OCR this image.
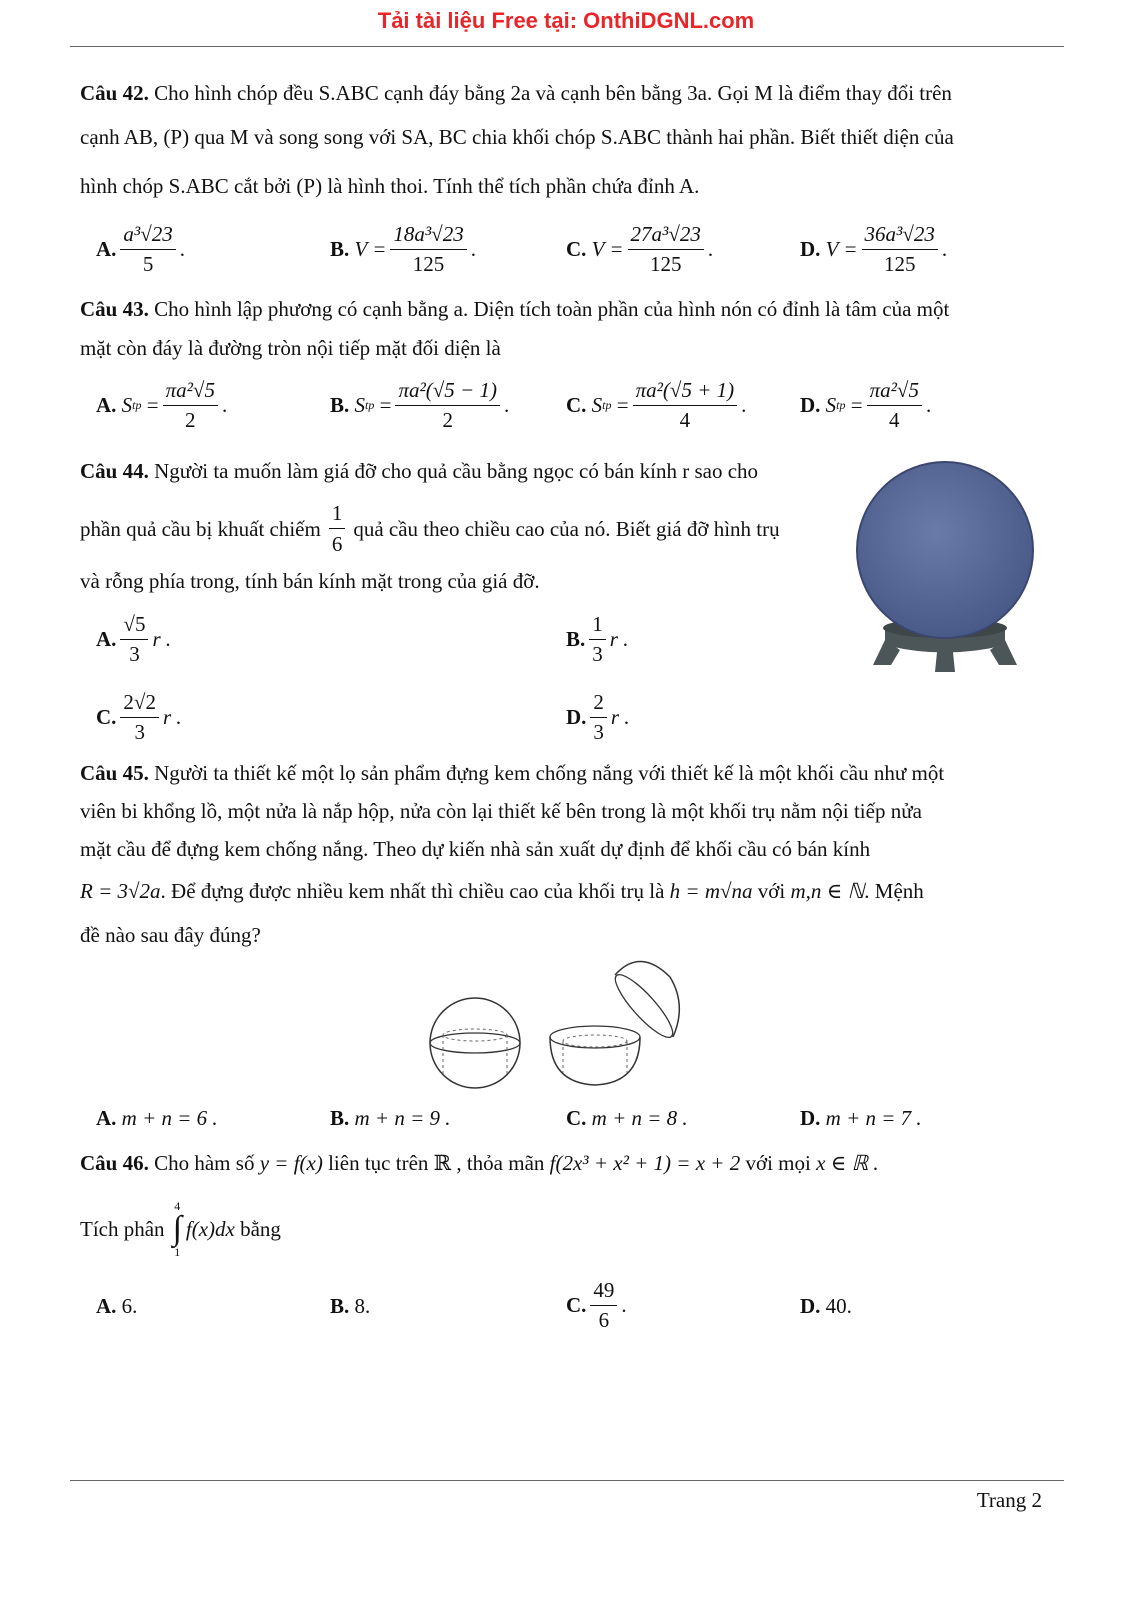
Tải tài liệu Free tại: OnthiDGNL.com
Câu 42. Cho hình chóp đều S.ABC cạnh đáy bằng 2a và cạnh bên bằng 3a. Gọi M là điểm thay đổi trên
cạnh AB, (P) qua M và song song với SA, BC chia khối chóp S.ABC thành hai phần. Biết thiết diện của
hình chóp S.ABC cắt bởi (P) là hình thoi. Tính thể tích phần chứa đỉnh A.
A. $\frac{\text{a³√23}}{5}$ .	B.
$V = \frac{\text{18a³√23}}{125}$ .	C.
$V = \frac{\text{27a³√23}}{125}$ .	D.
$V = \frac{\text{36a³√23}}{125}$ .
Câu 43. Cho hình lập phương có cạnh bằng a. Diện tích toàn phần của hình nón có đỉnh là tâm của một
mặt còn đáy là đường tròn nội tiếp mặt đối diện là
A.
S tp = $\frac{\text{πa²√5}}{2}$ .	B.
S tp = $\frac{\text{πa²(√5 − 1)}}{2}$ .	C.
S tp = $\frac{\text{πa²(√5 + 1)}}{4}$ .	D.
S tp = $\frac{\text{πa²√5}}{4}$ .
Câu 44. Người ta muốn làm giá đỡ cho quả cầu bằng ngọc có bán kính r sao cho
phần quả cầu bị khuất chiếm $\frac{1}{6}$ quả cầu theo chiều cao của nó. Biết giá đỡ hình trụ
và rỗng phía trong, tính bán kính mặt trong của giá đỡ.
A. $\frac{√5}{3}$ r .	B. $\frac{1}{3}$ r .
C. $\frac{2√2}{3}$ r .	D. $\frac{2}{3}$ r .
Câu 45. Người ta thiết kế một lọ sản phẩm đựng kem chống nắng với thiết kế là một khối cầu như một
viên bi khổng lồ, một nửa là nắp hộp, nửa còn lại thiết kế bên trong là một khối trụ nằm nội tiếp nửa
mặt cầu để đựng kem chống nắng. Theo dự kiến nhà sản xuất dự định để khối cầu có bán kính
R = 3√2a. Để đựng được nhiều kem nhất thì chiều cao của khối trụ là h = m√na với m,n ∈ ℕ. Mệnh
đề nào sau đây đúng?
A.
m + n = 6 .	B.
m + n = 9 .	C.
m + n = 8 .	D.
m + n = 7 .
Câu 46. Cho hàm số y = f(x) liên tục trên ℝ , thỏa mãn f(2x³ + x² + 1) = x + 2 với mọi x ∈ ℝ .
Tích phân
4
∫
1
f(x)dx
bằng
A.
6.	B.
8.	C. $\frac{49}{6}$ .	D.
40.
Trang 2
